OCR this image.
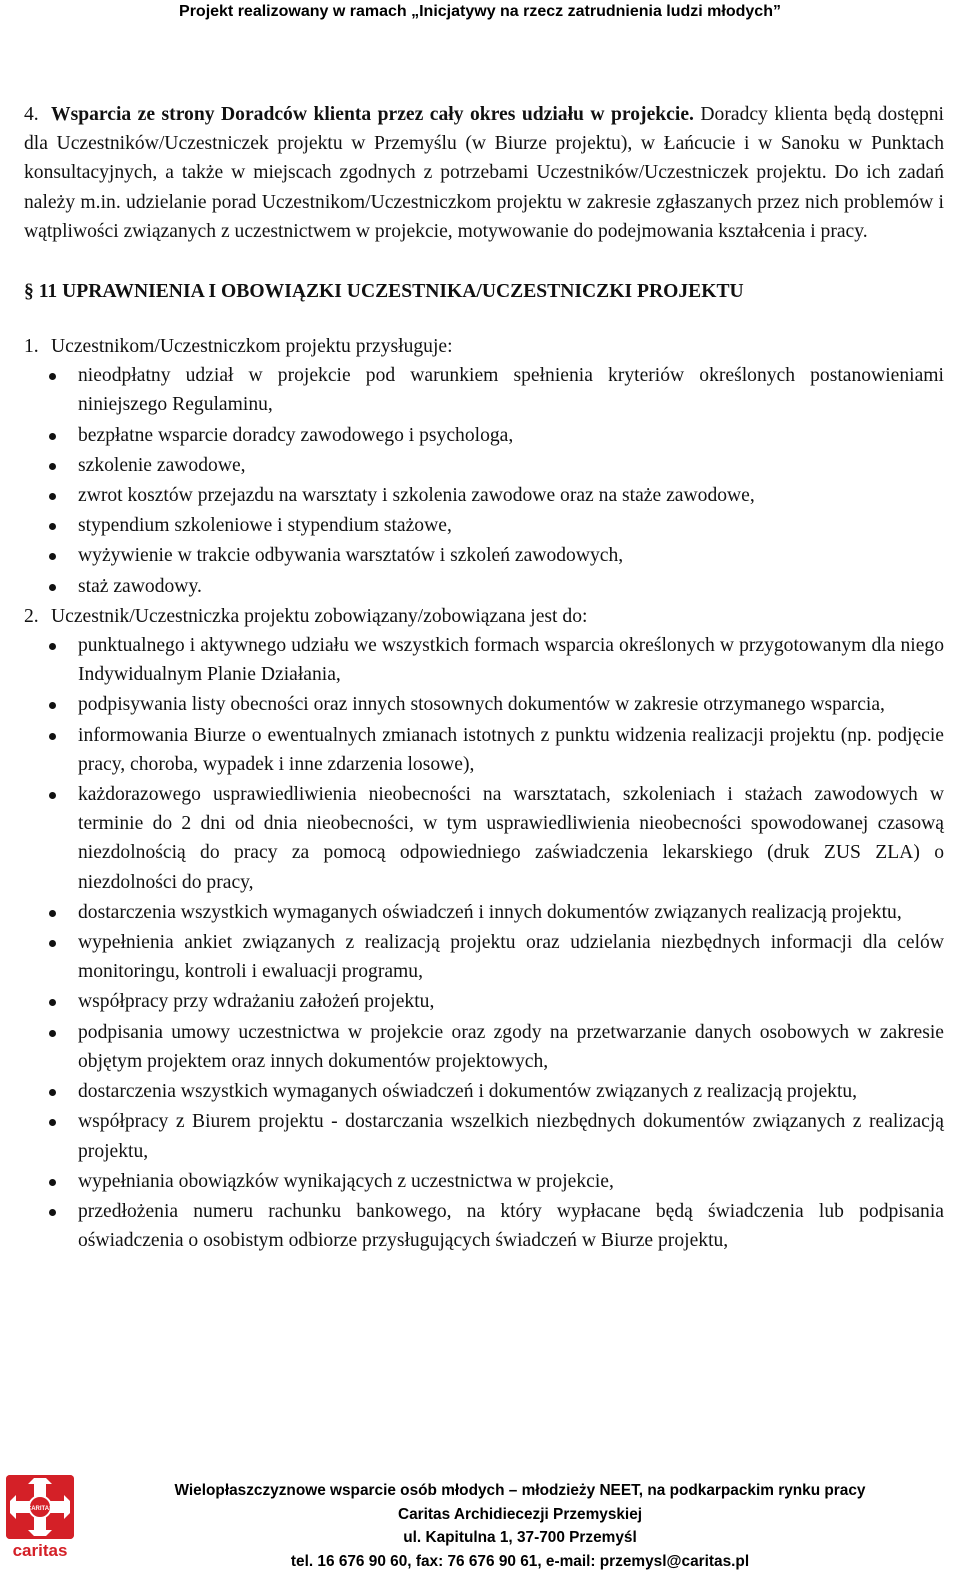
Projekt realizowany w ramach „Inicjatywy na rzecz zatrudnienia ludzi młodych”

4. Wsparcia ze strony Doradców klienta przez cały okres udziału w projekcie. Doradcy klienta będą dostępni dla Uczestników/Uczestniczek projektu w Przemyślu (w Biurze projektu), w Łańcucie i w Sanoku w Punktach konsultacyjnych, a także w miejscach zgodnych z potrzebami Uczestników/Uczestniczek projektu. Do ich zadań należy m.in. udzielanie porad Uczestnikom/Uczestniczkom projektu w zakresie zgłaszanych przez nich problemów i wątpliwości związanych z uczestnictwem w projekcie, motywowanie do podejmowania kształcenia i pracy.

§ 11 UPRAWNIENIA I OBOWIĄZKI UCZESTNIKA/UCZESTNICZKI PROJEKTU

1. Uczestnikom/Uczestniczkom projektu przysługuje:

nieodpłatny udział w projekcie pod warunkiem spełnienia kryteriów określonych postanowieniami niniejszego Regulaminu,
bezpłatne wsparcie doradcy zawodowego i psychologa,
szkolenie zawodowe,
zwrot kosztów przejazdu na warsztaty i szkolenia zawodowe oraz na staże zawodowe,
stypendium szkoleniowe i stypendium stażowe,
wyżywienie w trakcie odbywania warsztatów i szkoleń zawodowych,
staż zawodowy.

2. Uczestnik/Uczestniczka projektu zobowiązany/zobowiązana jest do:

punktualnego i aktywnego udziału we wszystkich formach wsparcia określonych w przygotowanym dla niego Indywidualnym Planie Działania,
podpisywania listy obecności oraz innych stosownych dokumentów w zakresie otrzymanego wsparcia,
informowania Biurze o ewentualnych zmianach istotnych z punktu widzenia realizacji projektu (np. podjęcie pracy, choroba, wypadek i inne zdarzenia losowe),
każdorazowego usprawiedliwienia nieobecności na warsztatach, szkoleniach i stażach zawodowych w terminie do 2 dni od dnia nieobecności, w tym usprawiedliwienia nieobecności spowodowanej czasową niezdolnością do pracy za pomocą odpowiedniego zaświadczenia lekarskiego (druk ZUS ZLA) o niezdolności do pracy,
dostarczenia wszystkich wymaganych oświadczeń i innych dokumentów związanych realizacją projektu,
wypełnienia ankiet związanych z realizacją projektu oraz udzielania niezbędnych informacji dla celów monitoringu, kontroli i ewaluacji programu,
współpracy przy wdrażaniu założeń projektu,
podpisania umowy uczestnictwa w projekcie oraz zgody na przetwarzanie danych osobowych w zakresie objętym projektem oraz innych dokumentów projektowych,
dostarczenia wszystkich wymaganych oświadczeń i dokumentów związanych z realizacją projektu,
współpracy z Biurem projektu - dostarczania wszelkich niezbędnych dokumentów związanych z realizacją projektu,
wypełniania obowiązków wynikających z uczestnictwa w projekcie,
przedłożenia numeru rachunku bankowego, na który wypłacane będą świadczenia lub podpisania oświadczenia o osobistym odbiorze przysługujących świadczeń w Biurze projektu,
CARITAS
caritas
Wielopłaszczyznowe wsparcie osób młodych – młodzieży NEET, na podkarpackim rynku pracy
Caritas Archidiecezji Przemyskiej
ul. Kapitulna 1, 37-700 Przemyśl
tel. 16 676 90 60, fax: 76 676 90 61, e-mail: przemysl@caritas.pl
